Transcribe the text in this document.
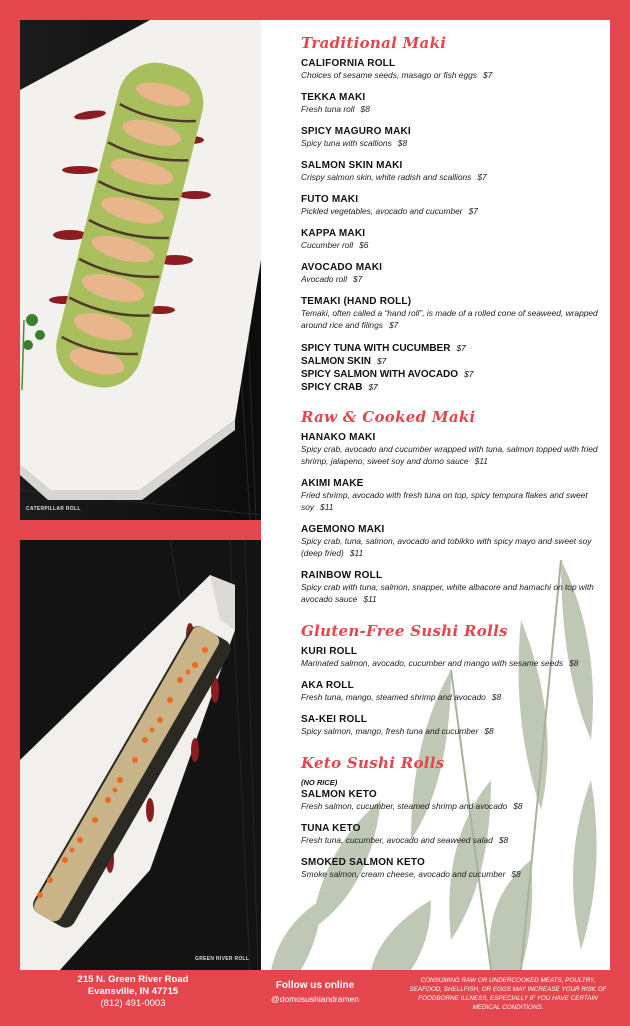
CATERPILLAR ROLL
GREEN RIVER ROLL
Traditional Maki
CALIFORNIA ROLL
Choices of sesame seeds, masago or fish eggs $7
TEKKA MAKI
Fresh tuna roll $8
SPICY MAGURO MAKI
Spicy tuna with scallions $8
SALMON SKIN MAKI
Crispy salmon skin, white radish and scallions $7
FUTO MAKI
Pickled vegetables, avocado and cucumber $7
KAPPA MAKI
Cucumber roll $6
AVOCADO MAKI
Avocado roll $7
TEMAKI (HAND ROLL)
Temaki, often called a “hand roll”, is made of a rolled cone of seaweed, wrapped around rice and filings $7
SPICY TUNA WITH CUCUMBER $7
SALMON SKIN $7
SPICY SALMON WITH AVOCADO $7
SPICY CRAB $7
Raw & Cooked Maki
HANAKO MAKI
Spicy crab, avocado and cucumber wrapped with tuna, salmon topped with fried shrimp, jalapeno, sweet soy and domo sauce $11
AKIMI MAKE
Fried shrimp, avocado with fresh tuna on top, spicy tempura flakes and sweet soy $11
AGEMONO MAKI
Spicy crab, tuna, salmon, avocado and tobikko with spicy mayo and sweet soy (deep fried) $11
RAINBOW ROLL
Spicy crab with tuna, salmon, snapper, white albacore and hamachi on top with avocado sauce $11
Gluten-Free Sushi Rolls
KURI ROLL
Marinated salmon, avocado, cucumber and mango with sesame seeds $8
AKA ROLL
Fresh tuna, mango, steamed shrimp and avocado $8
SA-KEI ROLL
Spicy salmon, mango, fresh tuna and cucumber $8
Keto Sushi Rolls
(NO RICE)
SALMON KETO
Fresh salmon, cucumber, steamed shrimp and avocado $8
TUNA KETO
Fresh tuna, cucumber, avocado and seaweed salad $8
SMOKED SALMON KETO
Smoke salmon, cream cheese, avocado and cucumber $8
215 N. Green River Road
Evansville, IN 47715
(812) 491-0003
Follow us online
@domosushiandramen
CONSUMING RAW OR UNDERCOOKED MEATS, POULTRY, SEAFOOD, SHELLFISH, OR EGGS MAY INCREASE YOUR RISK OF FOODBORNE ILLNESS, ESPECIALLY IF YOU HAVE CERTAIN MEDICAL CONDITIONS.
